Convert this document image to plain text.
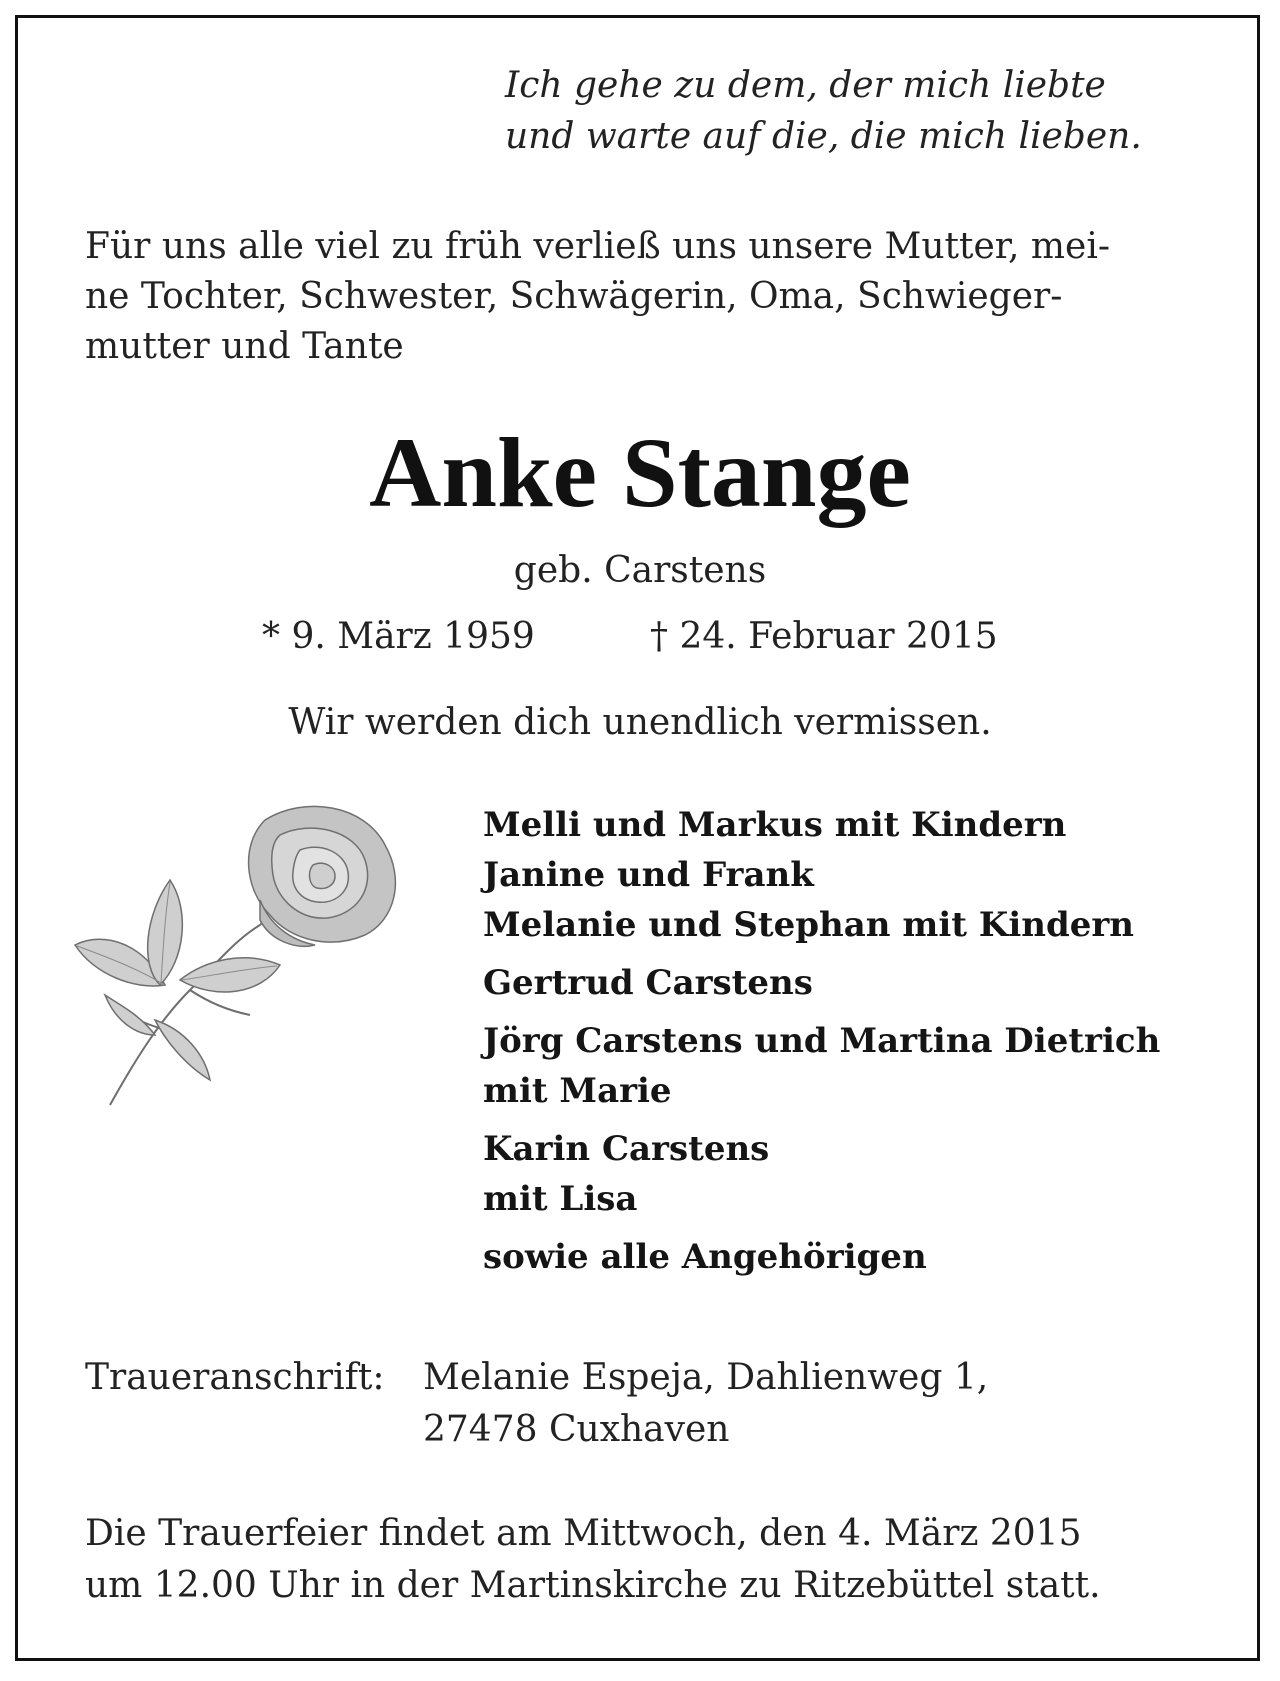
Ich gehe zu dem, der mich liebte
und warte auf die, die mich lieben.
Für uns alle viel zu früh verließ uns unsere Mutter, mei-
ne Tochter, Schwester, Schwägerin, Oma, Schwieger-
mutter und Tante
Anke Stange
geb. Carstens
* 9. März 1959	† 24. Februar 2015
Wir werden dich unendlich vermissen.
Melli und Markus mit Kindern
Janine und Frank
Melanie und Stephan mit Kindern
Gertrud Carstens
Jörg Carstens und Martina Dietrich
mit Marie
Karin Carstens
mit Lisa
sowie alle Angehörigen
Traueranschrift: Melanie Espeja, Dahlienweg 1,
27478 Cuxhaven
Die Trauerfeier findet am Mittwoch, den 4. März 2015
um 12.00 Uhr in der Martinskirche zu Ritzebüttel statt.
